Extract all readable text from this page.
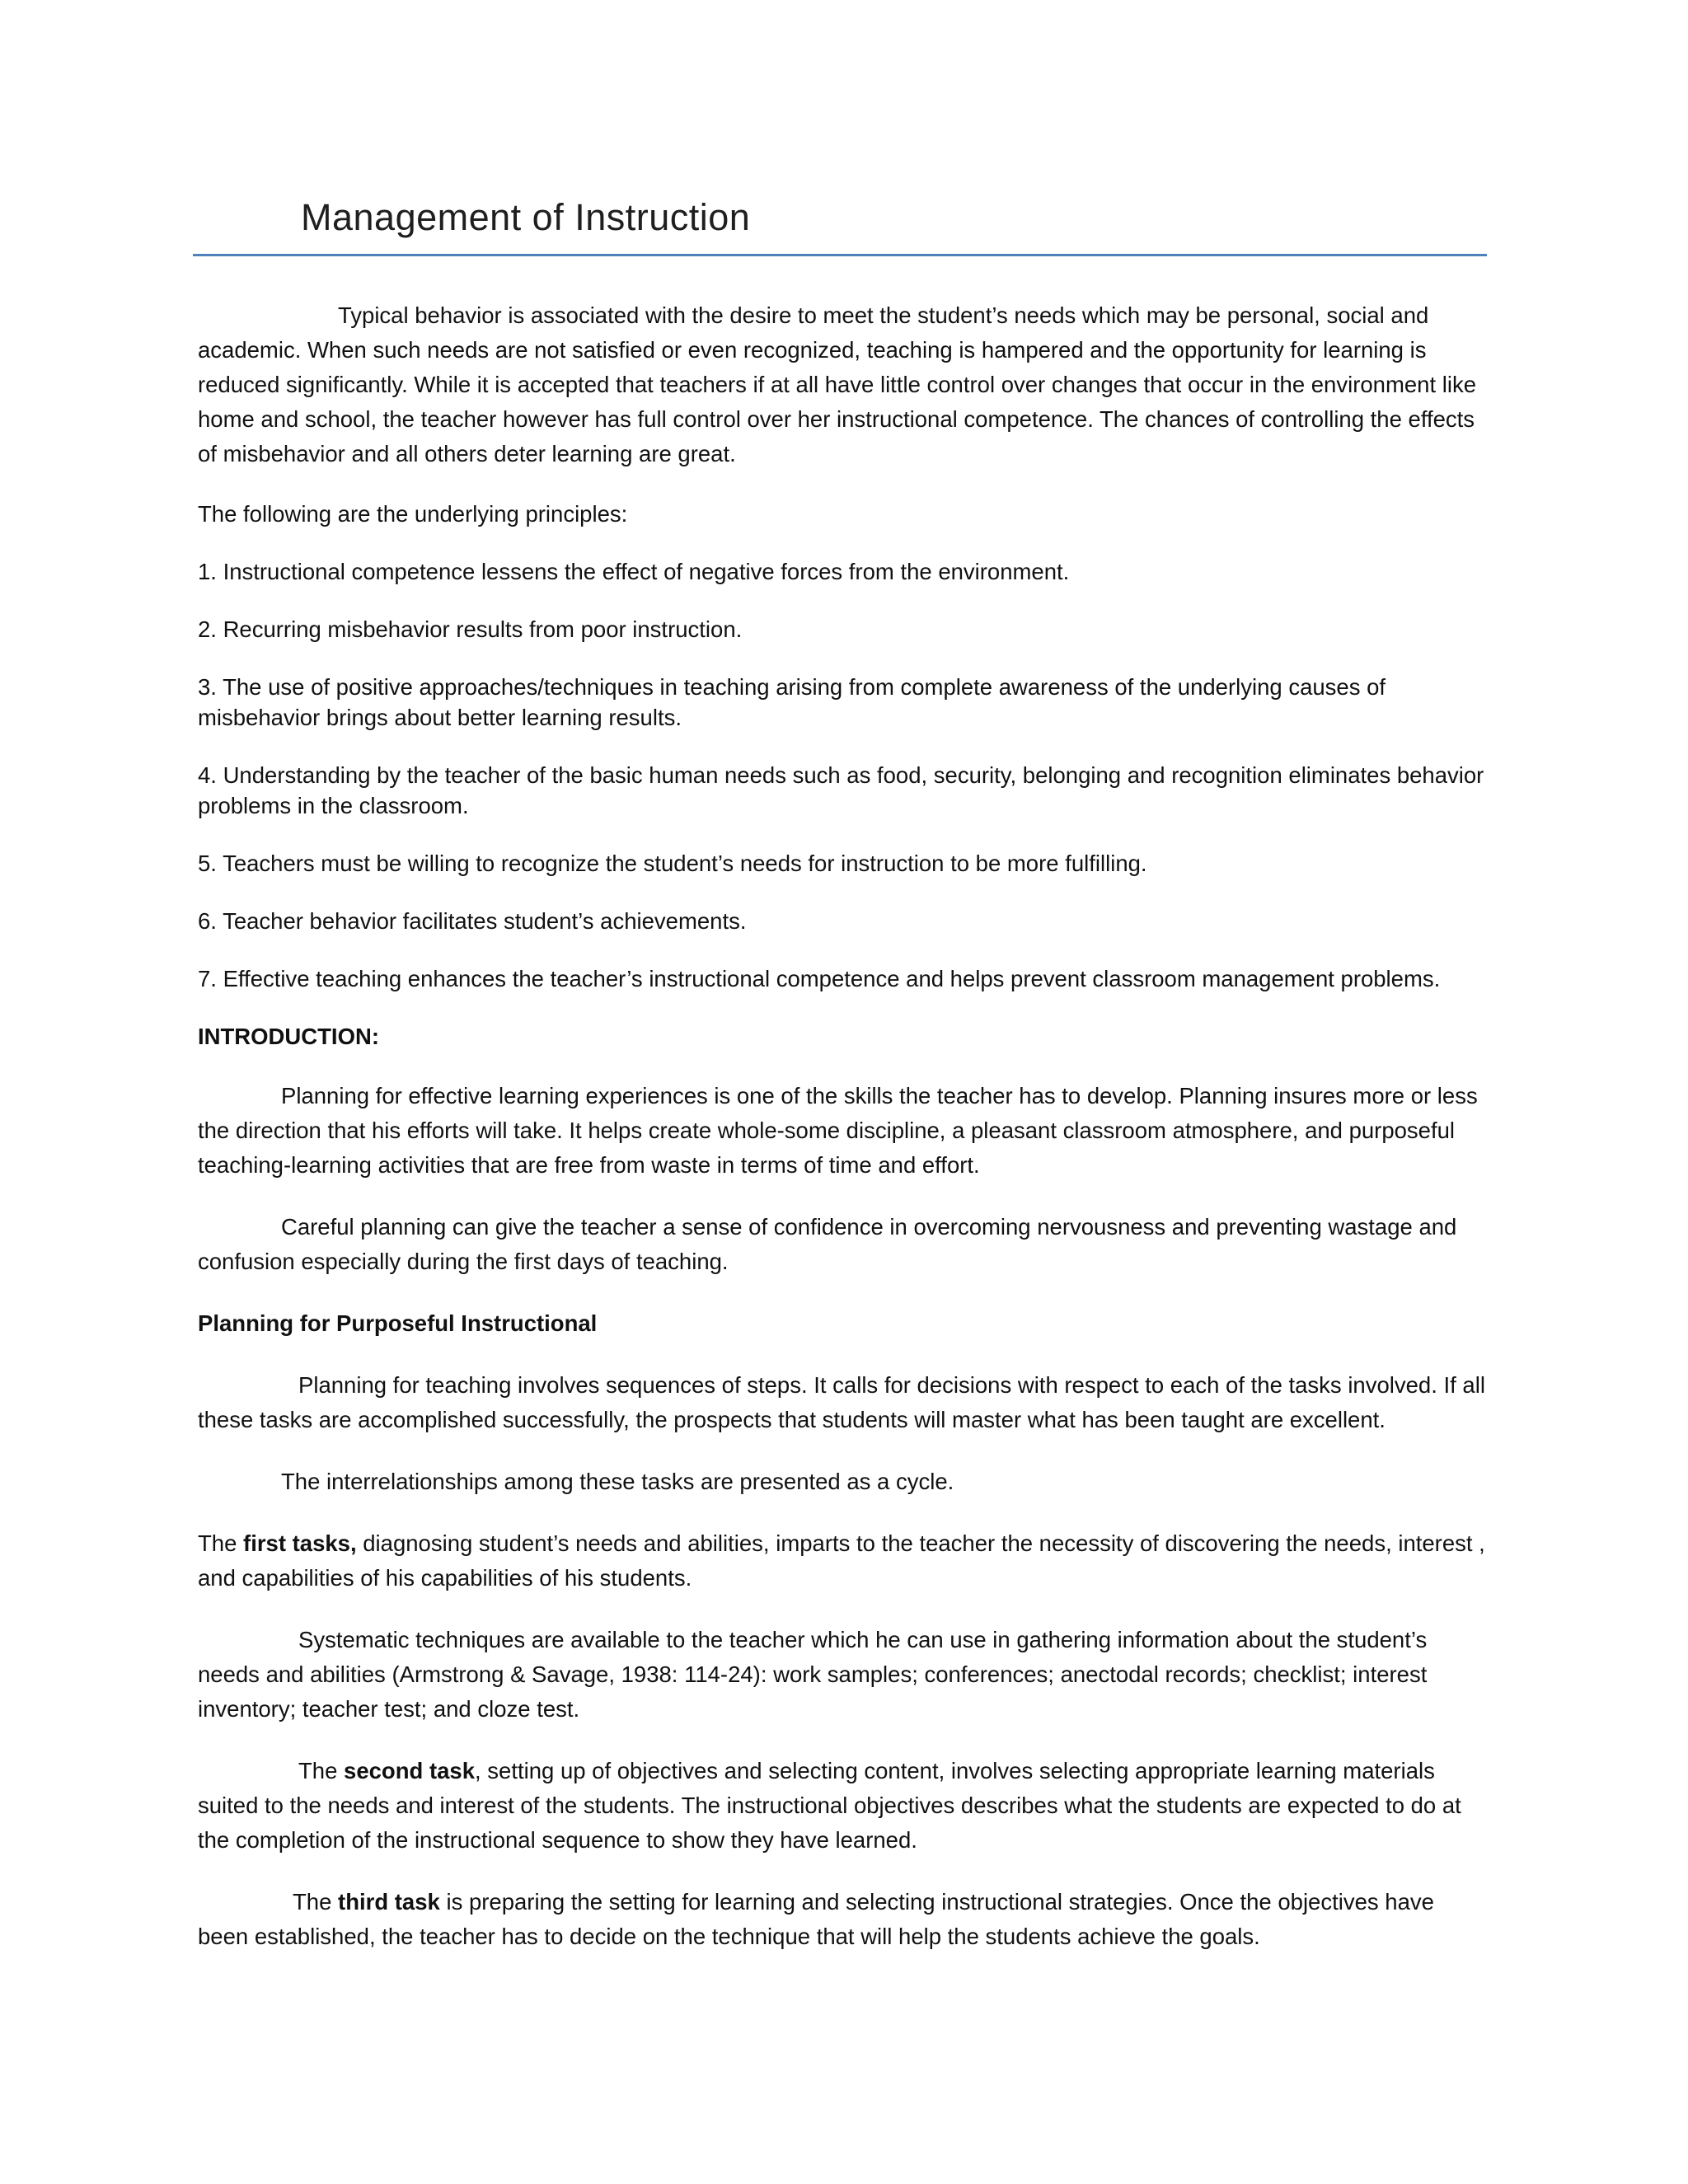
Management of Instruction

Typical behavior is associated with the desire to meet the student’s needs which may be personal, social and academic. When such needs are not satisfied or even recognized, teaching is hampered and the opportunity for learning is reduced significantly. While it is accepted that teachers if at all have little control over changes that occur in the environment like home and school, the teacher however has full control over her instructional competence. The chances of controlling the effects of misbehavior and all others deter learning are great.

The following are the underlying principles:

1. Instructional competence lessens the effect of negative forces from the environment.

2. Recurring misbehavior results from poor instruction.

3. The use of positive approaches/techniques in teaching arising from complete awareness of the underlying causes of misbehavior brings about better learning results.

4. Understanding by the teacher of the basic human needs such as food, security, belonging and recognition eliminates behavior problems in the classroom.

5. Teachers must be willing to recognize the student’s needs for instruction to be more fulfilling.

6. Teacher behavior facilitates student’s achievements.

7. Effective teaching enhances the teacher’s instructional competence and helps prevent classroom management problems.

INTRODUCTION:

Planning for effective learning experiences is one of the skills the teacher has to develop. Planning insures more or less the direction that his efforts will take. It helps create whole-some discipline, a pleasant classroom atmosphere, and purposeful teaching-learning activities that are free from waste in terms of time and effort.

Careful planning can give the teacher a sense of confidence in overcoming nervousness and preventing wastage and confusion especially during the first days of teaching.

Planning for Purposeful Instructional

Planning for teaching involves sequences of steps. It calls for decisions with respect to each of the tasks involved. If all these tasks are accomplished successfully, the prospects that students will master what has been taught are excellent.

The interrelationships among these tasks are presented as a cycle.

The first tasks, diagnosing student’s needs and abilities, imparts to the teacher the necessity of discovering the needs, interest , and capabilities of his capabilities of his students.

Systematic techniques are available to the teacher which he can use in gathering information about the student’s needs and abilities (Armstrong & Savage, 1938: 114-24): work samples; conferences; anectodal records; checklist; interest inventory; teacher test; and cloze test.

The second task, setting up of objectives and selecting content, involves selecting appropriate learning materials suited to the needs and interest of the students. The instructional objectives describes what the students are expected to do at the completion of the instructional sequence to show they have learned.

The third task is preparing the setting for learning and selecting instructional strategies. Once the objectives have been established, the teacher has to decide on the technique that will help the students achieve the goals.
